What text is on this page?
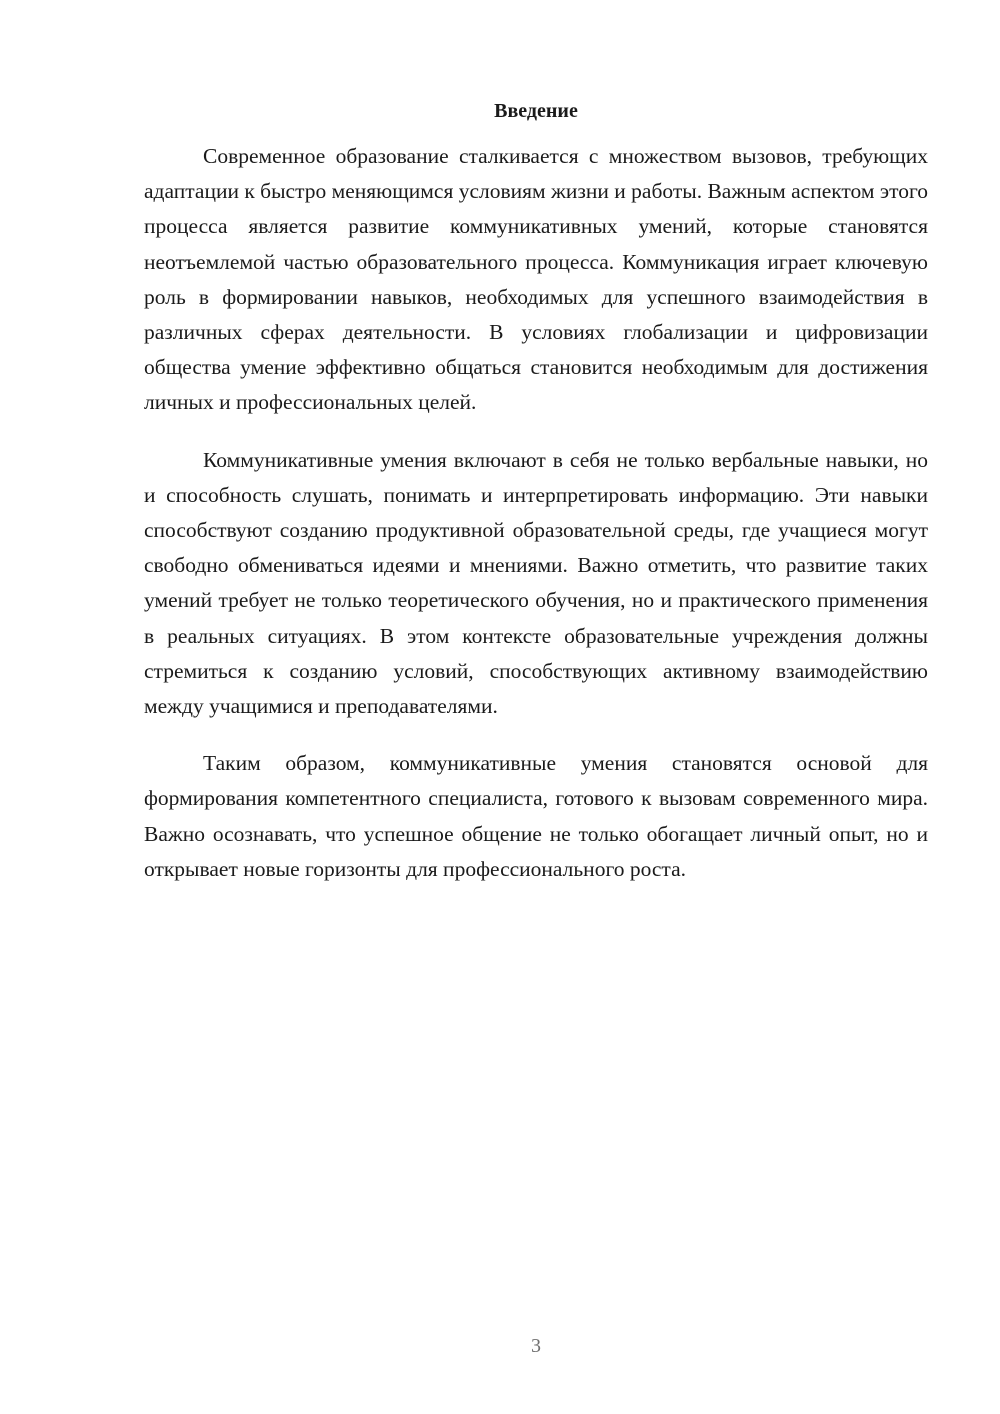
Введение

Современное образование сталкивается с множеством вызовов, требующих адаптации к быстро меняющимся условиям жизни и работы. Важным аспектом этого процесса является развитие коммуникативных умений, которые становятся неотъемлемой частью образовательного процесса. Коммуникация играет ключевую роль в формировании навыков, необходимых для успешного взаимодействия в различных сферах деятельности. В условиях глобализации и цифровизации общества умение эффективно общаться становится необходимым для достижения личных и профессиональных целей.

Коммуникативные умения включают в себя не только вербальные навыки, но и способность слушать, понимать и интерпретировать информацию. Эти навыки способствуют созданию продуктивной образовательной среды, где учащиеся могут свободно обмениваться идеями и мнениями. Важно отметить, что развитие таких умений требует не только теоретического обучения, но и практического применения в реальных ситуациях. В этом контексте образовательные учреждения должны стремиться к созданию условий, способствующих активному взаимодействию между учащимися и преподавателями.

Таким образом, коммуникативные умения становятся основой для формирования компетентного специалиста, готового к вызовам современного мира. Важно осознавать, что успешное общение не только обогащает личный опыт, но и открывает новые горизонты для профессионального роста.

3
